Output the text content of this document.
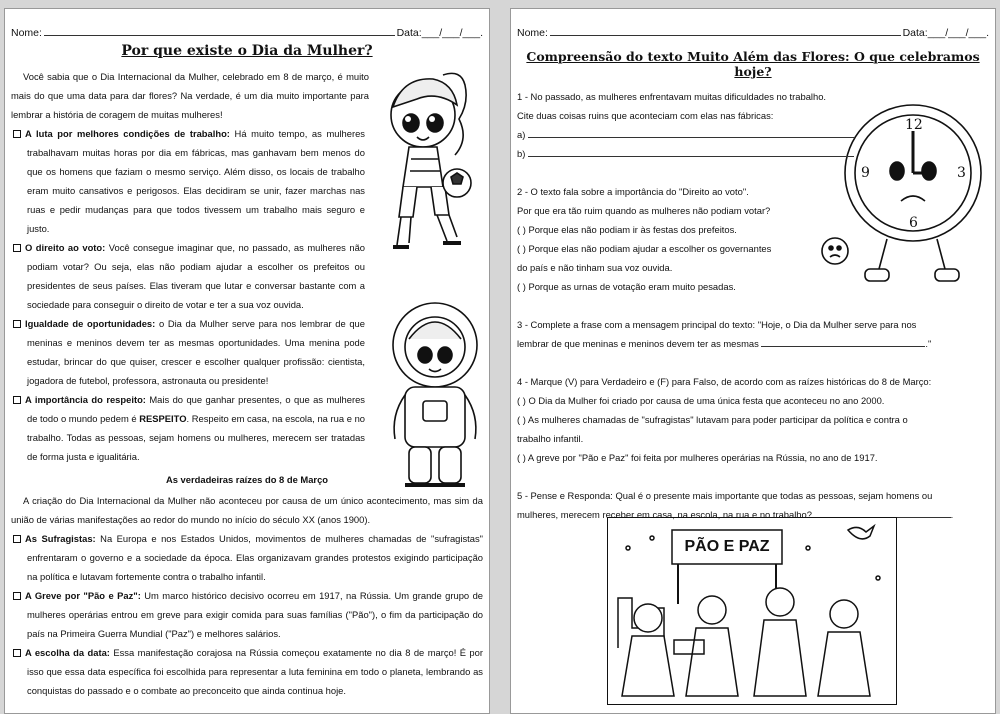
Nome:	Data: ___/___/___.
Por que existe o Dia da Mulher?

Você sabia que o Dia Internacional da Mulher, celebrado em 8 de março, é muito mais do que uma data para dar flores? Na verdade, é um dia muito importante para lembrar a história de coragem de muitas mulheres!

A luta por melhores condições de trabalho: Há muito tempo, as mulheres trabalhavam muitas horas por dia em fábricas, mas ganhavam bem menos do que os homens que faziam o mesmo serviço. Além disso, os locais de trabalho eram muito cansativos e perigosos. Elas decidiram se unir, fazer marchas nas ruas e pedir mudanças para que todos tivessem um trabalho mais seguro e justo.

O direito ao voto: Você consegue imaginar que, no passado, as mulheres não podiam votar? Ou seja, elas não podiam ajudar a escolher os prefeitos ou presidentes de seus países. Elas tiveram que lutar e conversar bastante com a sociedade para conseguir o direito de votar e ter a sua voz ouvida.

Igualdade de oportunidades: o Dia da Mulher serve para nos lembrar de que meninas e meninos devem ter as mesmas oportunidades. Uma menina pode estudar, brincar do que quiser, crescer e escolher qualquer profissão: cientista, jogadora de futebol, professora, astronauta ou presidente!

A importância do respeito: Mais do que ganhar presentes, o que as mulheres de todo o mundo pedem é RESPEITO. Respeito em casa, na escola, na rua e no trabalho. Todas as pessoas, sejam homens ou mulheres, merecem ser tratadas de forma justa e igualitária.

As verdadeiras raízes do 8 de Março

A criação do Dia Internacional da Mulher não aconteceu por causa de um único acontecimento, mas sim da união de várias manifestações ao redor do mundo no início do século XX (anos 1900).

As Sufragistas: Na Europa e nos Estados Unidos, movimentos de mulheres chamadas de "sufragistas" enfrentaram o governo e a sociedade da época. Elas organizavam grandes protestos exigindo participação na política e lutavam fortemente contra o trabalho infantil.

A Greve por "Pão e Paz": Um marco histórico decisivo ocorreu em 1917, na Rússia. Um grande grupo de mulheres operárias entrou em greve para exigir comida para suas famílias ("Pão"), o fim da participação do país na Primeira Guerra Mundial ("Paz") e melhores salários.

A escolha da data: Essa manifestação corajosa na Rússia começou exatamente no dia 8 de março! É por isso que essa data específica foi escolhida para representar a luta feminina em todo o planeta, lembrando as conquistas do passado e o combate ao preconceito que ainda continua hoje.

Nome:	Data: ___/___/___.
Compreensão do texto Muito Além das Flores: O que celebramos hoje?
12
3
6
9

1 - No passado, as mulheres enfrentavam muitas dificuldades no trabalho.

Cite duas coisas ruins que aconteciam com elas nas fábricas:

a)

b)

2 - O texto fala sobre a importância do "Direito ao voto".

Por que era tão ruim quando as mulheres não podiam votar?

( ) Porque elas não podiam ir às festas dos prefeitos.

( ) Porque elas não podiam ajudar a escolher os governantes

do país e não tinham sua voz ouvida.

( ) Porque as urnas de votação eram muito pesadas.

3 - Complete a frase com a mensagem principal do texto: "Hoje, o Dia da Mulher serve para nos

lembrar de que meninas e meninos devem ter as mesmas	."

4 - Marque (V) para Verdadeiro e (F) para Falso, de acordo com as raízes históricas do 8 de Março:

( ) O Dia da Mulher foi criado por causa de uma única festa que aconteceu no ano 2000.

( ) As mulheres chamadas de "sufragistas" lutavam para poder participar da política e contra o

trabalho infantil.

( ) A greve por "Pão e Paz" foi feita por mulheres operárias na Rússia, no ano de 1917.

5 - Pense e Responda: Qual é o presente mais importante que todas as pessoas, sejam homens ou

mulheres, merecem receber em casa, na escola, na rua e no trabalho?	.

PÃO E PAZ
